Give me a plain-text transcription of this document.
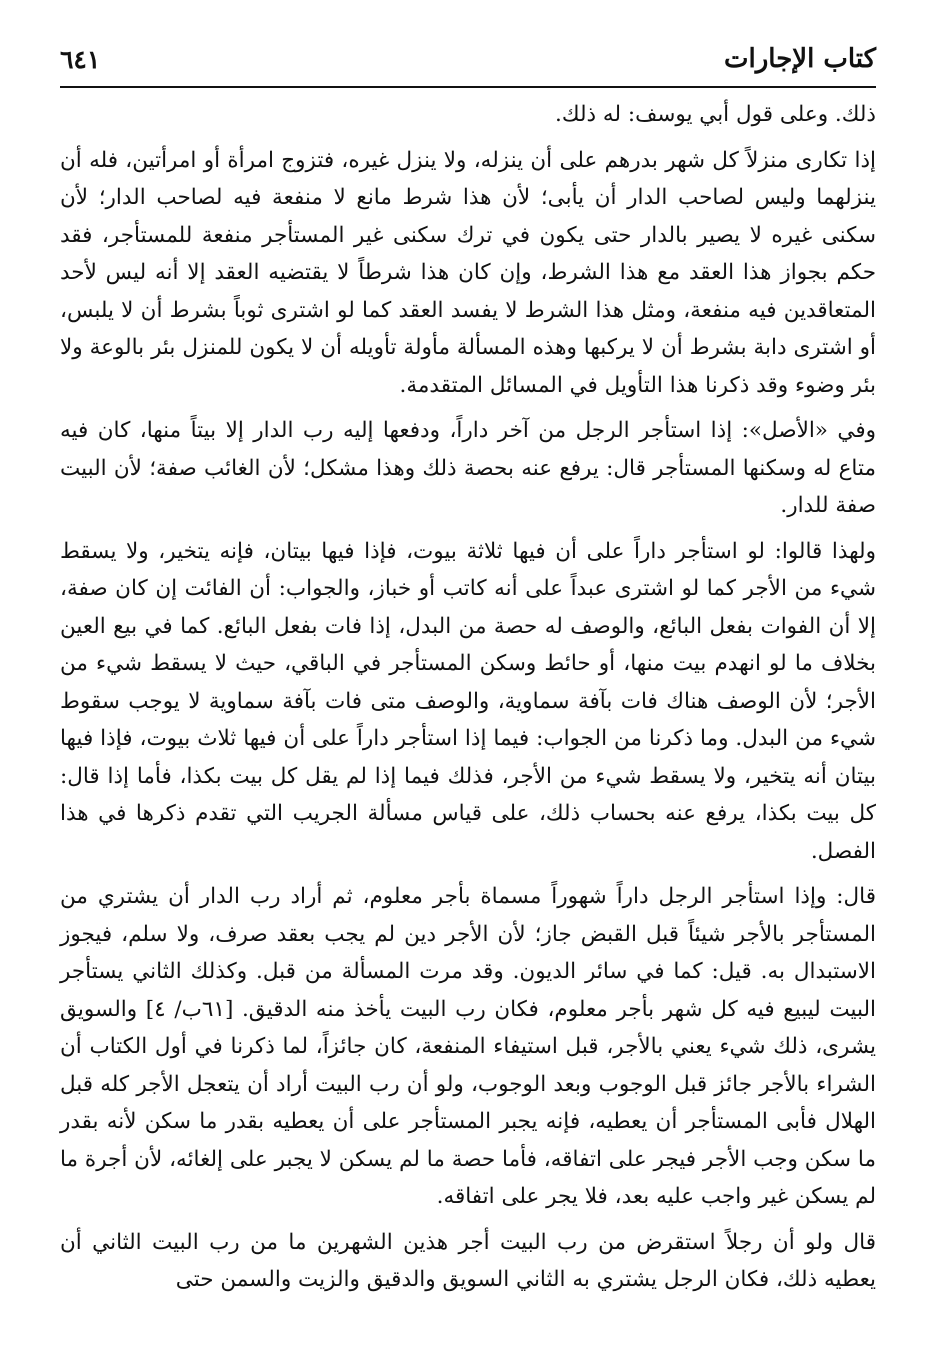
كتاب الإجارات
٦٤١

ذلك. وعلى قول أبي يوسف: له ذلك.

إذا تكارى منزلاً كل شهر بدرهم على أن ينزله، ولا ينزل غيره، فتزوج امرأة أو امرأتين، فله أن ينزلهما وليس لصاحب الدار أن يأبى؛ لأن هذا شرط مانع لا منفعة فيه لصاحب الدار؛ لأن سكنى غيره لا يصير بالدار حتى يكون في ترك سكنى غير المستأجر منفعة للمستأجر، فقد حكم بجواز هذا العقد مع هذا الشرط، وإن كان هذا شرطاً لا يقتضيه العقد إلا أنه ليس لأحد المتعاقدين فيه منفعة، ومثل هذا الشرط لا يفسد العقد كما لو اشترى ثوباً بشرط أن لا يلبس، أو اشترى دابة بشرط أن لا يركبها وهذه المسألة مأولة تأويله أن لا يكون للمنزل بئر بالوعة ولا بئر وضوء وقد ذكرنا هذا التأويل في المسائل المتقدمة.

وفي «الأصل»: إذا استأجر الرجل من آخر داراً، ودفعها إليه رب الدار إلا بيتاً منها، كان فيه متاع له وسكنها المستأجر قال: يرفع عنه بحصة ذلك وهذا مشكل؛ لأن الغائب صفة؛ لأن البيت صفة للدار.

ولهذا قالوا: لو استأجر داراً على أن فيها ثلاثة بيوت، فإذا فيها بيتان، فإنه يتخير، ولا يسقط شيء من الأجر كما لو اشترى عبداً على أنه كاتب أو خباز، والجواب: أن الفائت إن كان صفة، إلا أن الفوات بفعل البائع، والوصف له حصة من البدل، إذا فات بفعل البائع. كما في بيع العين بخلاف ما لو انهدم بيت منها، أو حائط وسكن المستأجر في الباقي، حيث لا يسقط شيء من الأجر؛ لأن الوصف هناك فات بآفة سماوية، والوصف متى فات بآفة سماوية لا يوجب سقوط شيء من البدل. وما ذكرنا من الجواب: فيما إذا استأجر داراً على أن فيها ثلاث بيوت، فإذا فيها بيتان أنه يتخير، ولا يسقط شيء من الأجر، فذلك فيما إذا لم يقل كل بيت بكذا، فأما إذا قال: كل بيت بكذا، يرفع عنه بحساب ذلك، على قياس مسألة الجريب التي تقدم ذكرها في هذا الفصل.

قال: وإذا استأجر الرجل داراً شهوراً مسماة بأجر معلوم، ثم أراد رب الدار أن يشتري من المستأجر بالأجر شيئاً قبل القبض جاز؛ لأن الأجر دين لم يجب بعقد صرف، ولا سلم، فيجوز الاستبدال به. قيل: كما في سائر الديون. وقد مرت المسألة من قبل. وكذلك الثاني يستأجر البيت ليبيع فيه كل شهر بأجر معلوم، فكان رب البيت يأخذ منه الدقيق. [٦١ب/ ٤] والسويق يشرى، ذلك شيء يعني بالأجر، قبل استيفاء المنفعة، كان جائزاً، لما ذكرنا في أول الكتاب أن الشراء بالأجر جائز قبل الوجوب وبعد الوجوب، ولو أن رب البيت أراد أن يتعجل الأجر كله قبل الهلال فأبى المستأجر أن يعطيه، فإنه يجبر المستأجر على أن يعطيه بقدر ما سكن لأنه بقدر ما سكن وجب الأجر فيجر على اتفاقه، فأما حصة ما لم يسكن لا يجبر على إلغائه، لأن أجرة ما لم يسكن غير واجب عليه بعد، فلا يجر على اتفاقه.

قال ولو أن رجلاً استقرض من رب البيت أجر هذين الشهرين ما من رب البيت الثاني أن يعطيه ذلك، فكان الرجل يشتري به الثاني السويق والدقيق والزيت والسمن حتى
